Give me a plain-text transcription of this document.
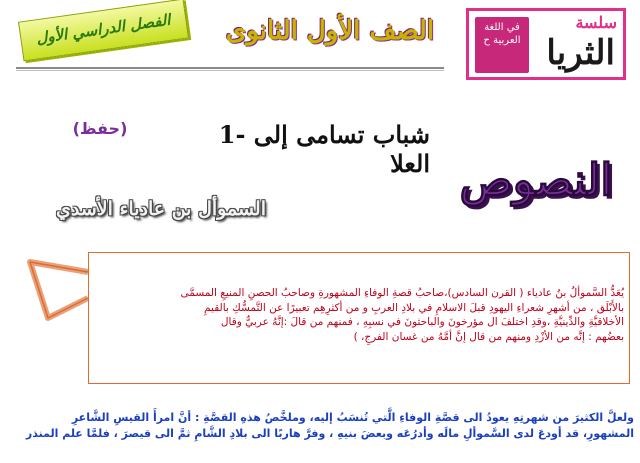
سلسة
الثريا
في اللغة العربية ح
الصف الأول الثانوى
الفصل الدراسي الأول
(حفظ)	1- شباب تسامى إلى العلا النصوص
السموأل بن عادياء الأسدي

يُعَدُّ السَّموألُ بنُ عادياء ( القرن السادس)،صاحبُ قصةِ الوفاءِ المشهورةِ وصاحبُ الحصنِ المنيعِ المسمَّى

بالأَبْلَق ، من أشهرِ شعراءِ اليهودِ قبلَ الاسلامِ في بلادِ العربِ و من أكثرِهِم تعبيرًا عن التَّمسُّكِ بالقيمِ

الأخلاقيَّةِ والدِّينيَّةِ ،وقدِ اختلفَ ال مؤرخونَ والباحثونَ في نسبِهِ ، فمنهم من قالَ :إنَّهُ عربيٌّ وقال

بعضُهم : إنَّه من الأزْدِ ومنهم من قال إنَّ أمَّهُ من غسان الفرجِ، )

ولعلَّ الكثيرَ من شهرتِهِ يعودُ الى قصَّةِ الوفاءِ الَّتي تُنسَبُ إليه، وملخَّصُ هذهِ القصَّةِ : أنَّ امرأَ القيسِ الشَّاعرِ

المشهورِ، قد أودعَ لدى السَّموألِ مالَه وأدرُعَه وبعضَ بنيهِ ، وفرَّ هاربًا الى بلادِ الشَّامِ ثمَّ الى قيصرَ ، فلمَّا علم المنذر
